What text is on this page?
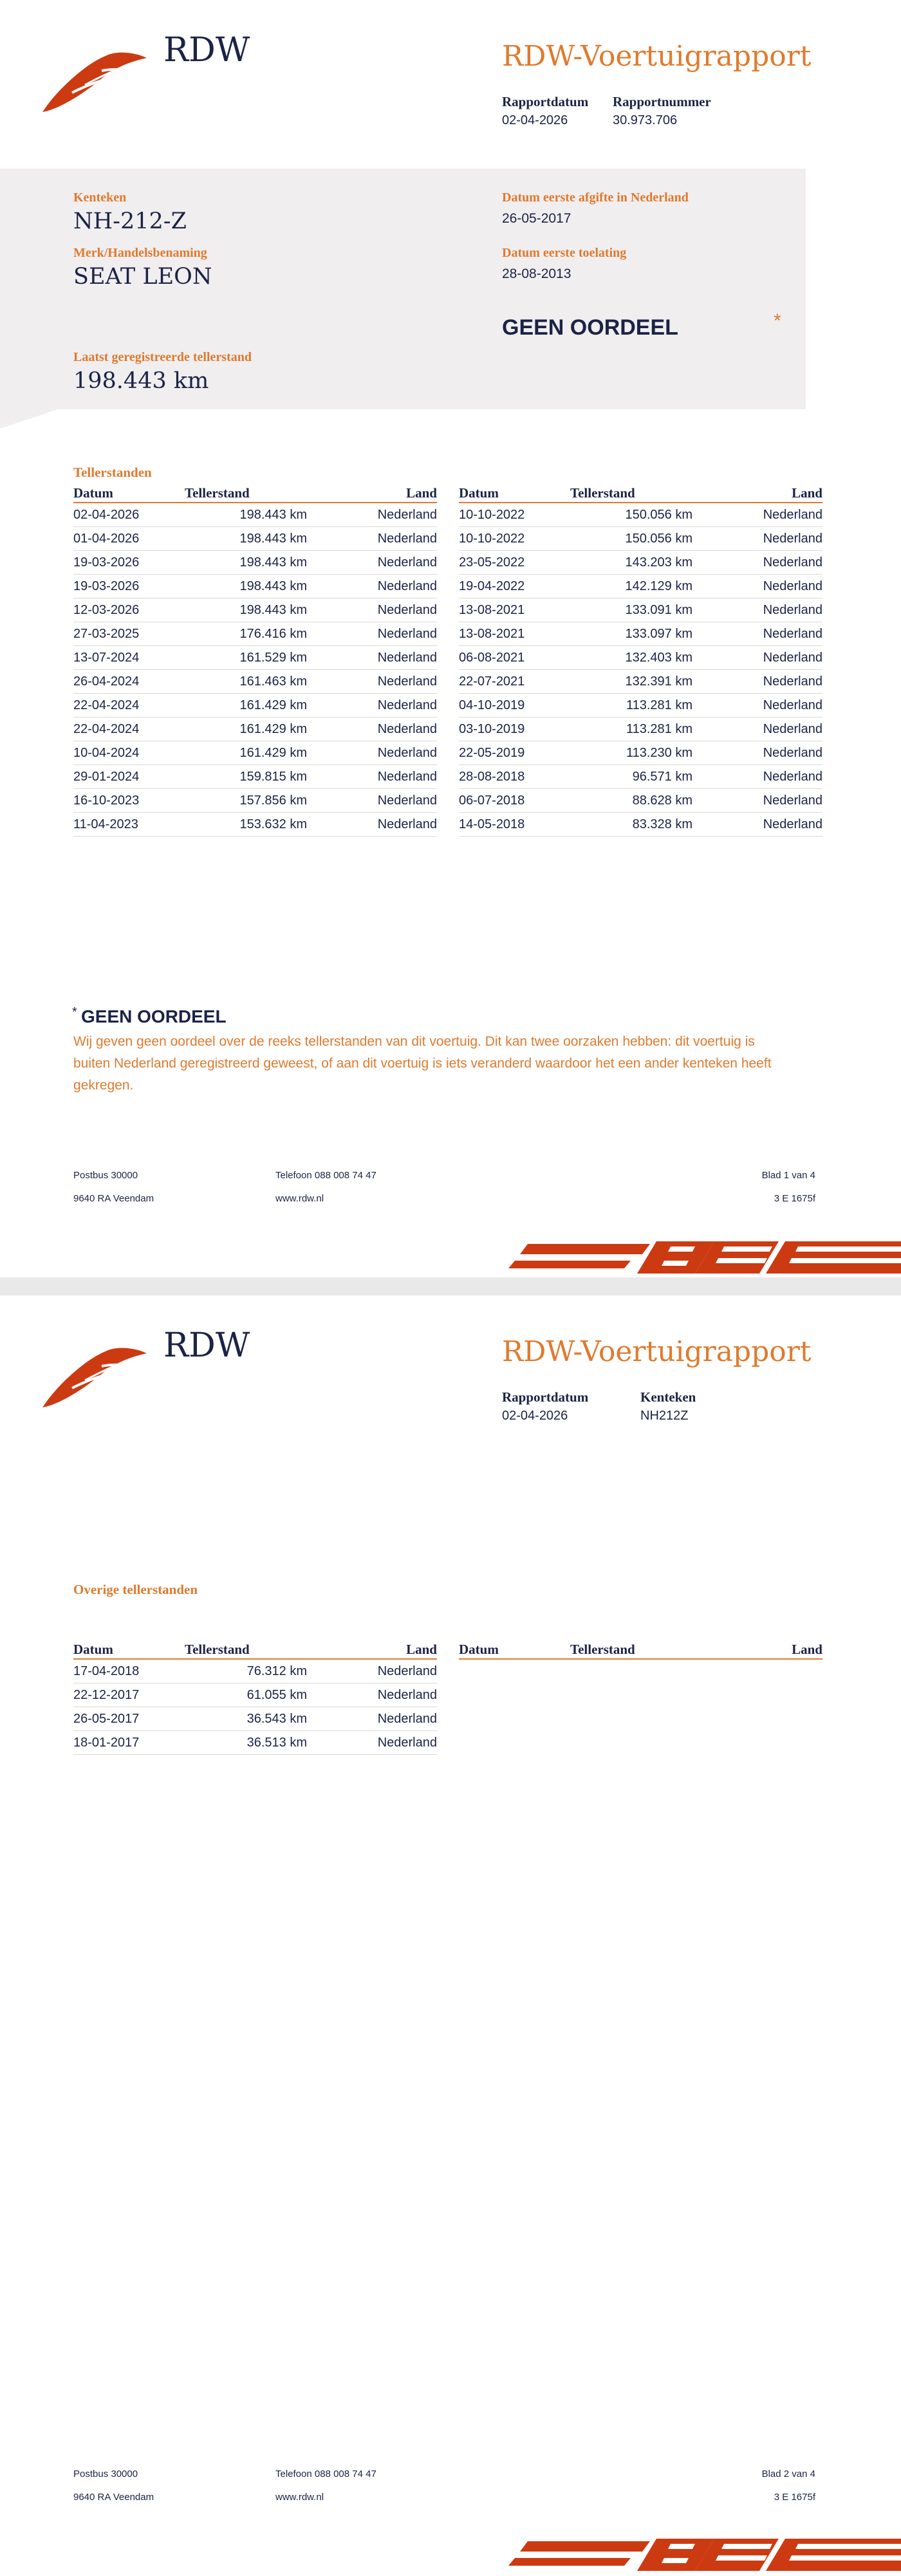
RDW	RDW-Voertuigrapport
Rapportdatum
02-04-2026
Rapportnummer
30.973.706
Kenteken
NH-212-Z
Merk/Handelsbenaming
SEAT LEON
Laatst geregistreerde tellerstand
198.443 km
Datum eerste afgifte in Nederland
26-05-2017
Datum eerste toelating
28-08-2013
GEEN OORDEEL	*
Tellerstanden
Datum	Tellerstand	Land
02-04-2026	198.443 km	Nederland
01-04-2026	198.443 km	Nederland
19-03-2026	198.443 km	Nederland
19-03-2026	198.443 km	Nederland
12-03-2026	198.443 km	Nederland
27-03-2025	176.416 km	Nederland
13-07-2024	161.529 km	Nederland
26-04-2024	161.463 km	Nederland
22-04-2024	161.429 km	Nederland
22-04-2024	161.429 km	Nederland
10-04-2024	161.429 km	Nederland
29-01-2024	159.815 km	Nederland
16-10-2023	157.856 km	Nederland
11-04-2023	153.632 km	Nederland
Datum	Tellerstand	Land
10-10-2022	150.056 km	Nederland
10-10-2022	150.056 km	Nederland
23-05-2022	143.203 km	Nederland
19-04-2022	142.129 km	Nederland
13-08-2021	133.091 km	Nederland
13-08-2021	133.097 km	Nederland
06-08-2021	132.403 km	Nederland
22-07-2021	132.391 km	Nederland
04-10-2019	113.281 km	Nederland
03-10-2019	113.281 km	Nederland
22-05-2019	113.230 km	Nederland
28-08-2018	96.571 km	Nederland
06-07-2018	88.628 km	Nederland
14-05-2018	83.328 km	Nederland
* GEEN OORDEEL
Wij geven geen oordeel over de reeks tellerstanden van dit voertuig. Dit kan twee oorzaken hebben: dit voertuig is buiten Nederland geregistreerd geweest, of aan dit voertuig is iets veranderd waardoor het een ander kenteken heeft gekregen.
Postbus 30000
9640 RA Veendam
Telefoon 088 008 74 47
www.rdw.nl
Blad 1 van 4
3 E 1675f
RDW	RDW-Voertuigrapport
Rapportdatum
02-04-2026
Kenteken
NH212Z
Overige tellerstanden
Datum	Tellerstand	Land
17-04-2018	76.312 km	Nederland
22-12-2017	61.055 km	Nederland
26-05-2017	36.543 km	Nederland
18-01-2017	36.513 km	Nederland
Datum	Tellerstand	Land
Postbus 30000
9640 RA Veendam
Telefoon 088 008 74 47
www.rdw.nl
Blad 2 van 4
3 E 1675f
